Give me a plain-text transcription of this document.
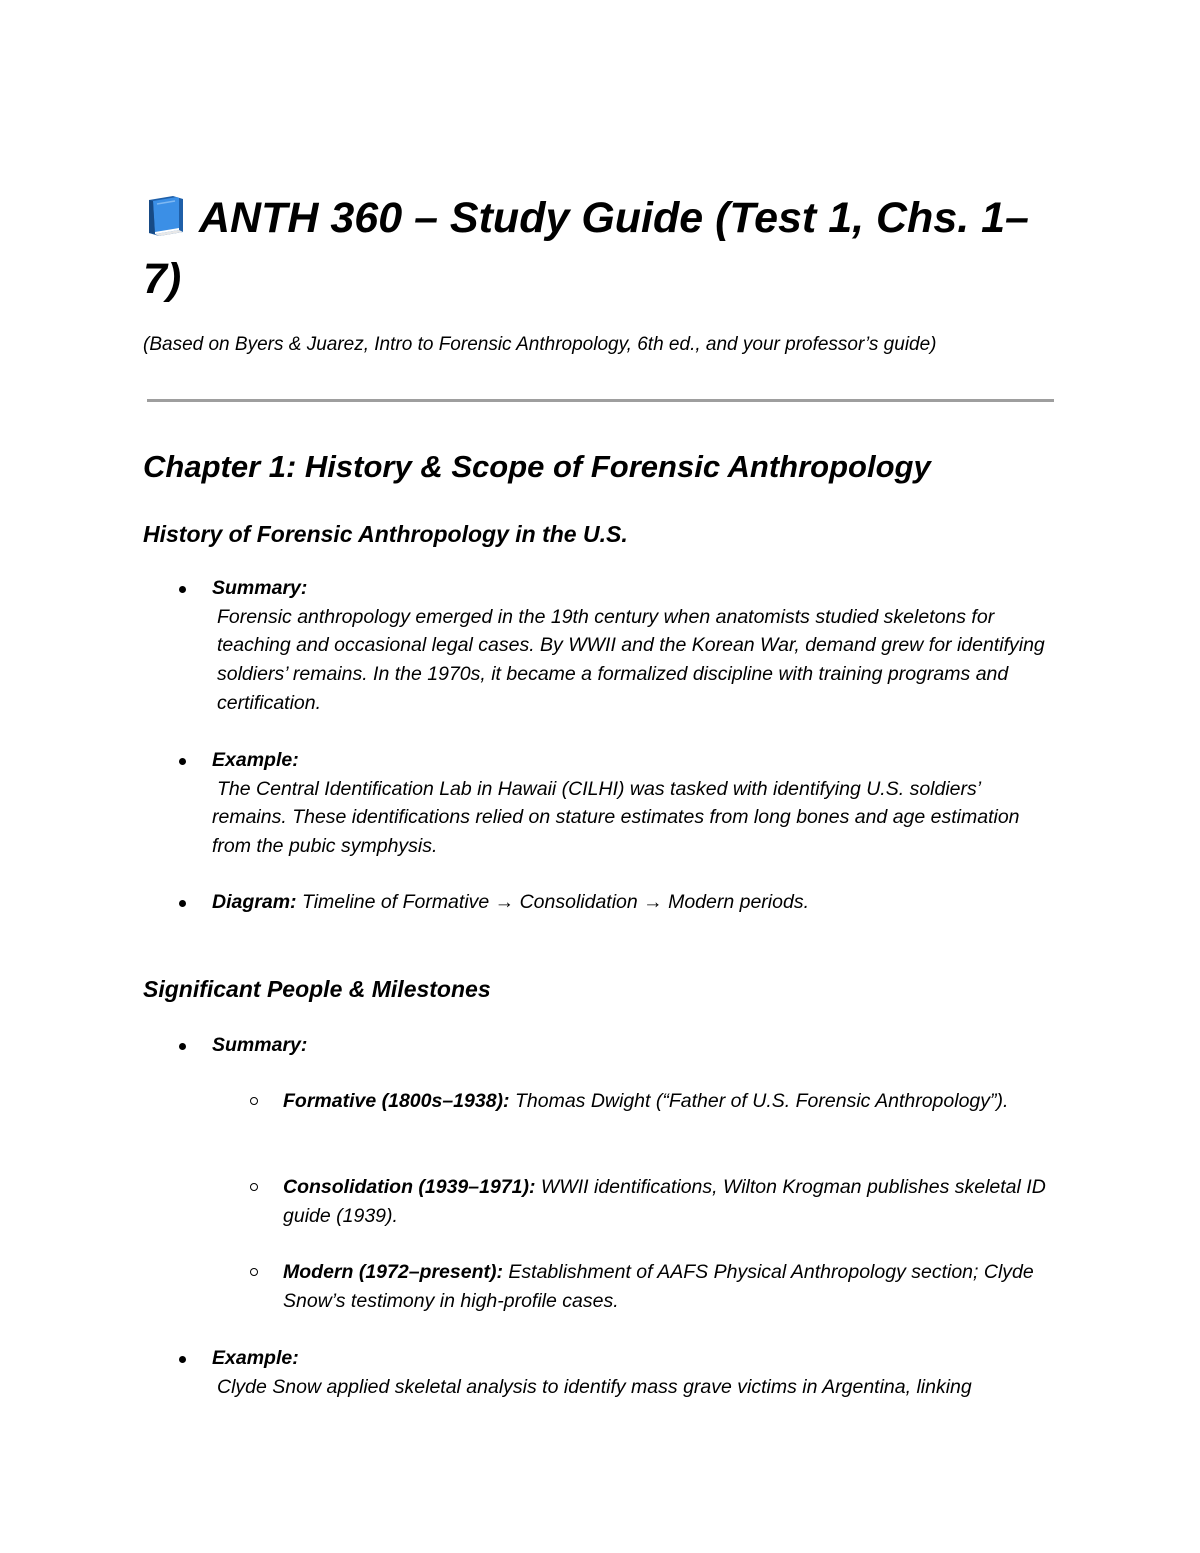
ANTH 360 – Study Guide (Test 1, Chs. 1–7)

(Based on Byers & Juarez, Intro to Forensic Anthropology, 6th ed., and your professor’s guide)

Chapter 1: History & Scope of Forensic Anthropology
History of Forensic Anthropology in the U.S.
Summary:
Forensic anthropology emerged in the 19th century when anatomists studied skeletons for teaching and occasional legal cases. By WWII and the Korean War, demand grew for identifying soldiers’ remains. In the 1970s, it became a formalized discipline with training programs and certification.
Example:
The Central Identification Lab in Hawaii (CILHI) was tasked with identifying U.S. soldiers’ remains. These identifications relied on stature estimates from long bones and age estimation from the pubic symphysis.
Diagram: Timeline of Formative → Consolidation → Modern periods.
Significant People & Milestones
Summary:
Formative (1800s–1938): Thomas Dwight (“Father of U.S. Forensic Anthropology”).
Consolidation (1939–1971): WWII identifications, Wilton Krogman publishes skeletal ID guide (1939).
Modern (1972–present): Establishment of AAFS Physical Anthropology section; Clyde Snow’s testimony in high-profile cases.
Example:
Clyde Snow applied skeletal analysis to identify mass grave victims in Argentina, linking
